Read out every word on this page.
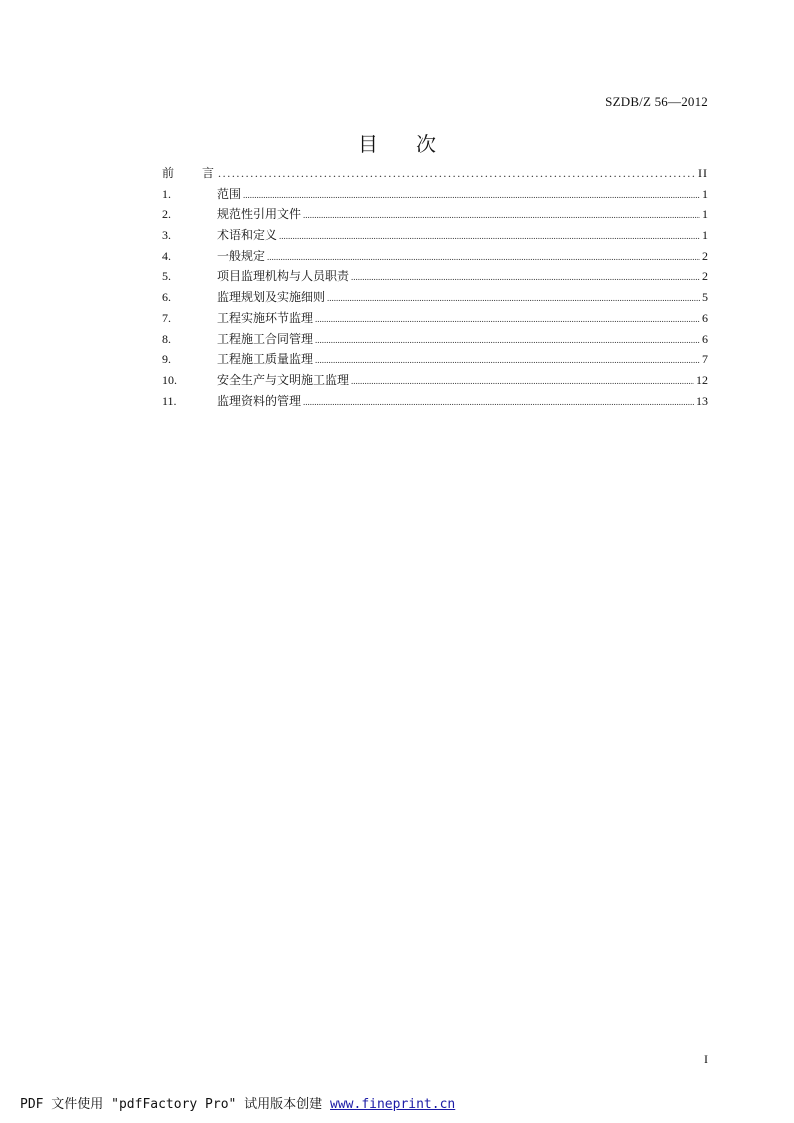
SZDB/Z 56—2012
目 次
前 言 .....	II
1.	范围 .....	1
2.	规范性引用文件 .....	1
3.	术语和定义 .....	1
4.	一般规定 .....	2
5.	项目监理机构与人员职责 .....	2
6.	监理规划及实施细则 .....	5
7.	工程实施环节监理 .....	6
8.	工程施工合同管理 .....	6
9.	工程施工质量监理 .....	7
10.	安全生产与文明施工监理 .....	12
11.	监理资料的管理 .....	13
I
PDF 文件使用 "pdfFactory Pro" 试用版本创建 www.fineprint.cn
